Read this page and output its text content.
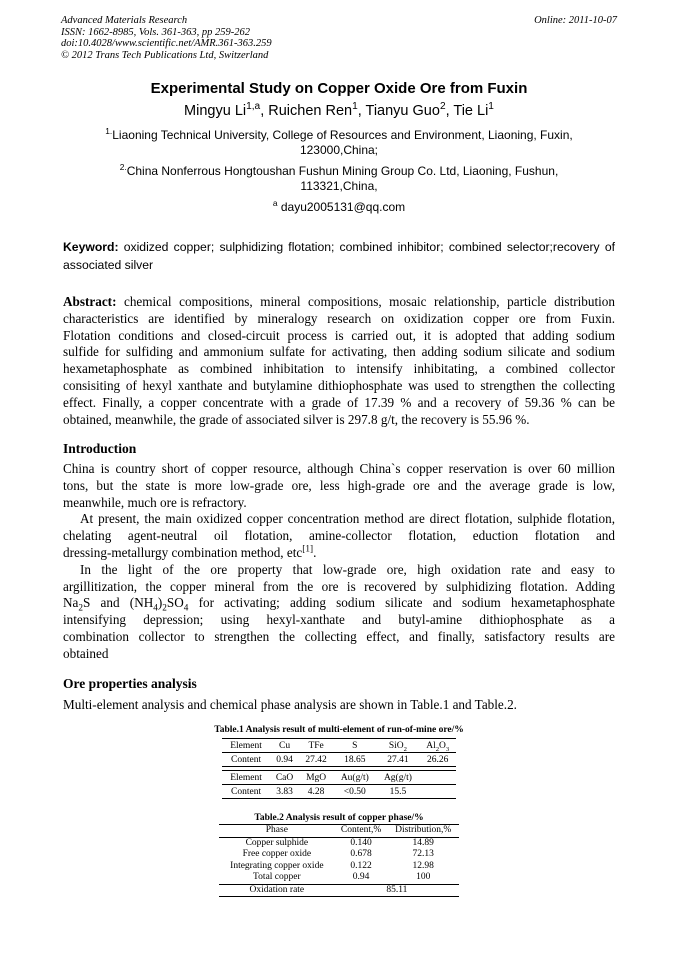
Advanced Materials Research
ISSN: 1662-8985, Vols. 361-363, pp 259-262
doi:10.4028/www.scientific.net/AMR.361-363.259
© 2012 Trans Tech Publications Ltd, Switzerland
Online: 2011-10-07
Experimental Study on Copper Oxide Ore from Fuxin
Mingyu Li$^{1,a}$, Ruichen Ren$^1$, Tianyu Guo$^2$, Tie Li$^1$
$^{1.}$Liaoning Technical University, College of Resources and Environment, Liaoning, Fuxin,
123000,China;
$^{2.}$China Nonferrous Hongtoushan Fushun Mining Group Co. Ltd, Liaoning, Fushun,
113321,China,
$^a$ dayu2005131@qq.com
Keyword: oxidized copper; sulphidizing flotation; combined inhibitor; combined selector;recovery of
associated silver
Abstract: chemical compositions, mineral compositions, mosaic relationship, particle distribution
characteristics are identified by mineralogy research on oxidization copper ore from Fuxin.
Flotation conditions and closed-circuit process is carried out, it is adopted that adding sodium
sulfide for sulfiding and ammonium sulfate for activating, then adding sodium silicate and sodium
hexametaphosphate as combined inhibitation to intensify inhibitating, a combined collector
consisiting of hexyl xanthate and butylamine dithiophosphate was used to strengthen the collecting
effect. Finally, a copper concentrate with a grade of 17.39 % and a recovery of 59.36 % can be
obtained, meanwhile, the grade of associated silver is 297.8 g/t, the recovery is 55.96 %.
Introduction
China is country short of copper resource, although China`s copper reservation is over 60 million
tons, but the state is more low-grade ore, less high-grade ore and the average grade is low,
meanwhile, much ore is refractory.
At present, the main oxidized copper concentration method are direct flotation, sulphide flotation,
chelating agent-neutral oil flotation, amine-collector flotation, eduction flotation and
dressing-metallurgy combination method, etc[1].
In the light of the ore property that low-grade ore, high oxidation rate and easy to
argillitization, the copper mineral from the ore is recovered by sulphidizing flotation. Adding
$Na_2S$ and $(NH_4)_2SO_4$ for activating; adding sodium silicate and sodium hexametaphosphate
intensifying depression; using hexyl-xanthate and butyl-amine dithiophosphate as a
combination collector to strengthen the collecting effect, and finally, satisfactory results are
obtained
Ore properties analysis
Multi-element analysis and chemical phase analysis are shown in Table.1 and Table.2.
Table.1 Analysis result of multi-element of run-of-mine ore/%
Element	Cu	TFe	S	SiO$_2$	$Al_2O_3$
Content	0.94	27.42	18.65	27.41	26.26

Element	CaO	MgO	Au(g/t)	Ag(g/t)	
Content	3.83	4.28	<0.50	15.5	
Table.2 Analysis result of copper phase/%
Phase	Content,%	Distribution,%
Copper sulphide	0.140	14.89
Free copper oxide	0.678	72.13
Integrating copper oxide	0.122	12.98
Total copper	0.94	100
Oxidation rate	85.11	
